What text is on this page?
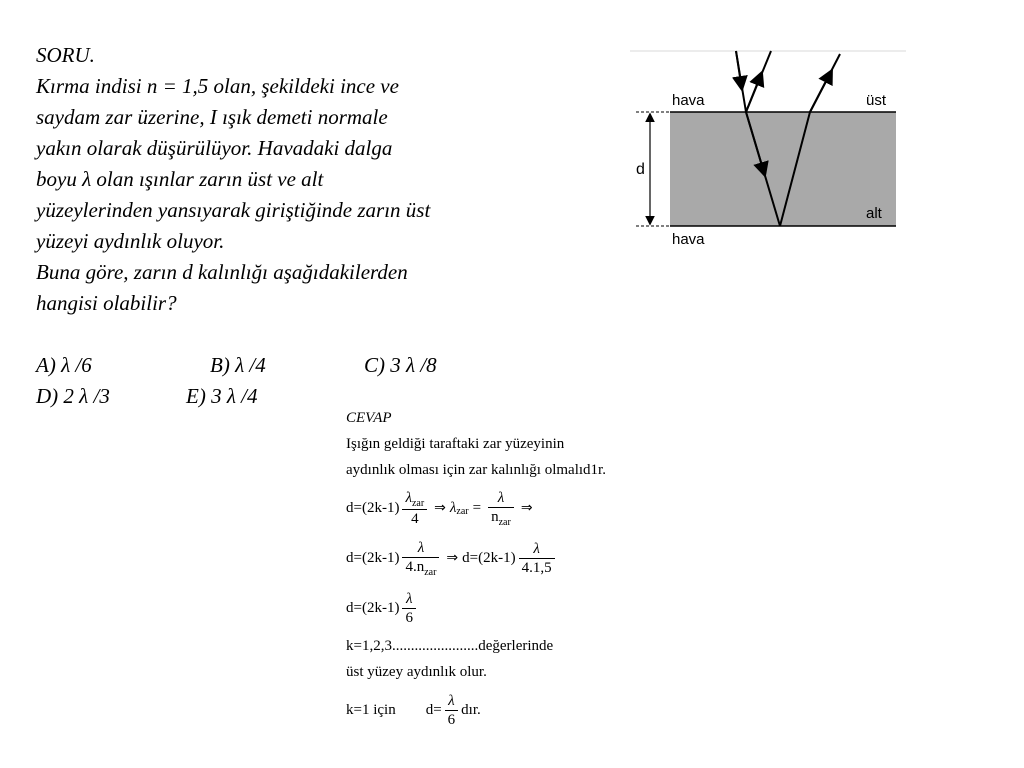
SORU.
Kırma indisi n = 1,5 olan, şekildeki ince ve
saydam zar üzerine, I ışık demeti normale
yakın olarak düşürülüyor. Havadaki dalga
boyu λ olan ışınlar zarın üst ve alt
yüzeylerinden yansıyarak giriştiğinde zarın üst
yüzeyi aydınlık oluyor.
Buna göre, zarın d kalınlığı aşağıdakilerden
hangisi olabilir?
A) λ /6	B) λ /4	C) 3 λ /8
D) 2 λ /3	E) 3 λ /4
hava	üst
d
alt
hava
CEVAP
Işığın geldiği taraftaki zar yüzeyinin
aydınlık olması için zar kalınlığı olmalıd1r.
$d=(2k-1) \frac{\lambda_{zar}}{4}$ ⇒ λ zar = $\frac{\lambda}{n_{zar}}$ ⇒
$d=(2k-1) \frac{\lambda}{4.n_{zar}}$ ⇒ $d=(2k-1) \frac{\lambda}{4.1,5}$
$d=(2k-1) \frac{\lambda}{6}$
k=1,2,3.......................değerlerinde
üst yüzey aydınlık olur.
k=1 için $d= \frac{\lambda}{6}$ dır.
